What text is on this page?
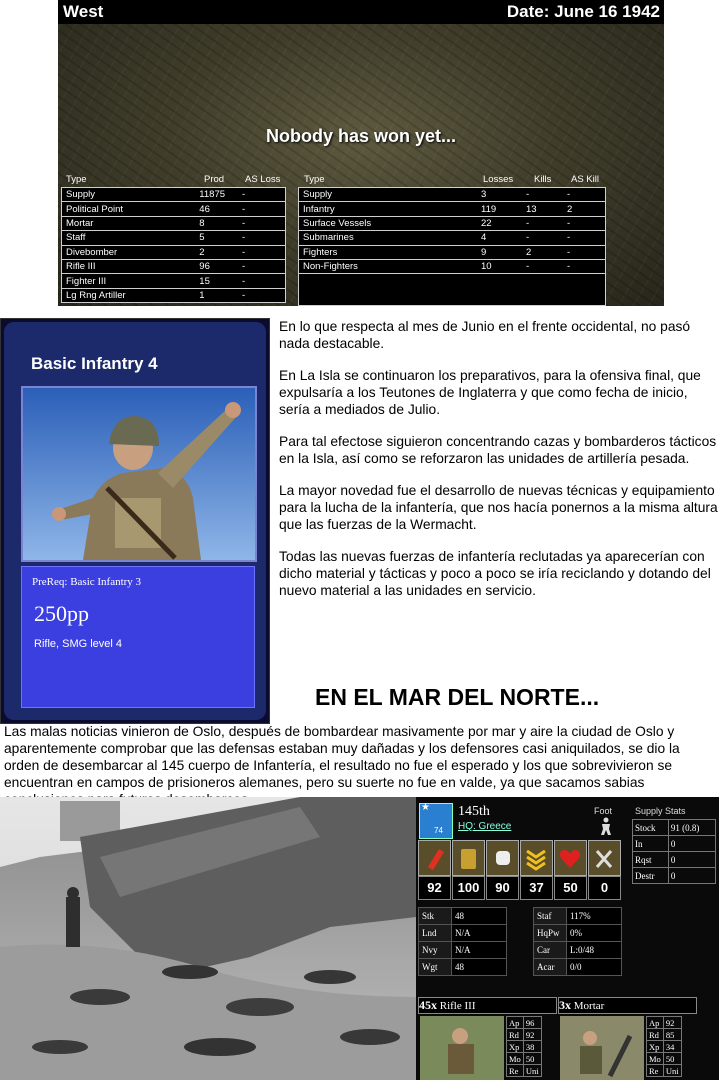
West	Date: June 16 1942
Nobody has won yet...
Type	Prod AS Loss
Supply	11875	-
Political Point	46	-
Mortar	8	-
Staff	5	-
Divebomber	2	-
Rifle III	96	-
Fighter III	15	-
Lg Rng Artiller	1	-
Type	Losses Kills AS Kill
Supply	3	-	-
Infantry	119	13	2
Surface Vessels	22	-	-
Submarines	4	-	-
Fighters	9	2	-
Non-Fighters	10	-	-

Basic Infantry 4
PreReq: Basic Infantry 3
250pp
Rifle, SMG level 4

En lo que respecta al mes de Junio en el frente occidental, no pasó nada destacable.

En La Isla se continuaron los preparativos, para la ofensiva final, que expulsaría a los Teutones de Inglaterra y que como fecha de inicio, sería a mediados de Julio.

Para tal efectose siguieron concentrando cazas y bombarderos tácticos en la Isla, así como se reforzaron las unidades de artillería pesada.

La mayor novedad fue el desarrollo de nuevas técnicas y equipamiento para la lucha de la infantería, que nos hacía ponernos a la misma altura que las fuerzas de la Wermacht.

Todas las nuevas fuerzas de infantería reclutadas ya aparecerían con dicho material y tácticas y poco a poco se iría reciclando y dotando del nuevo material a las unidades en servicio.

EN EL MAR DEL NORTE...

Las malas noticias vinieron de Oslo, después de bombardear masivamente por mar y aire la ciudad de Oslo y aparentemente comprobar que las defensas estaban muy dañadas y los defensores casi aniquilados, se dio la orden de desembarcar al 145 cuerpo de Infantería, el resultado no fue el esperado y los que sobrevivieron se encuentran en campos de prisioneros alemanes, pero su suerte no fue en valde, ya que sacamos sabias

★
74
145th
HQ: Greece
Foot	Supply Stats
Stock	91 (0.8)
In	0
Rqst	0
Destr	0
92	100	90	37	50	0
Stk	48		Staf	117%
Lnd	N/A		HqPw	0%
Nvy	N/A		Car	L:0/48
Wgt	48		Acar	0/0
45x Rifle III
Ap	96
Rd	92
Xp	38
Mo	50
Re	Uni
3x Mortar
Ap	92
Rd	85
Xp	34
Mo	50
Re	Uni
